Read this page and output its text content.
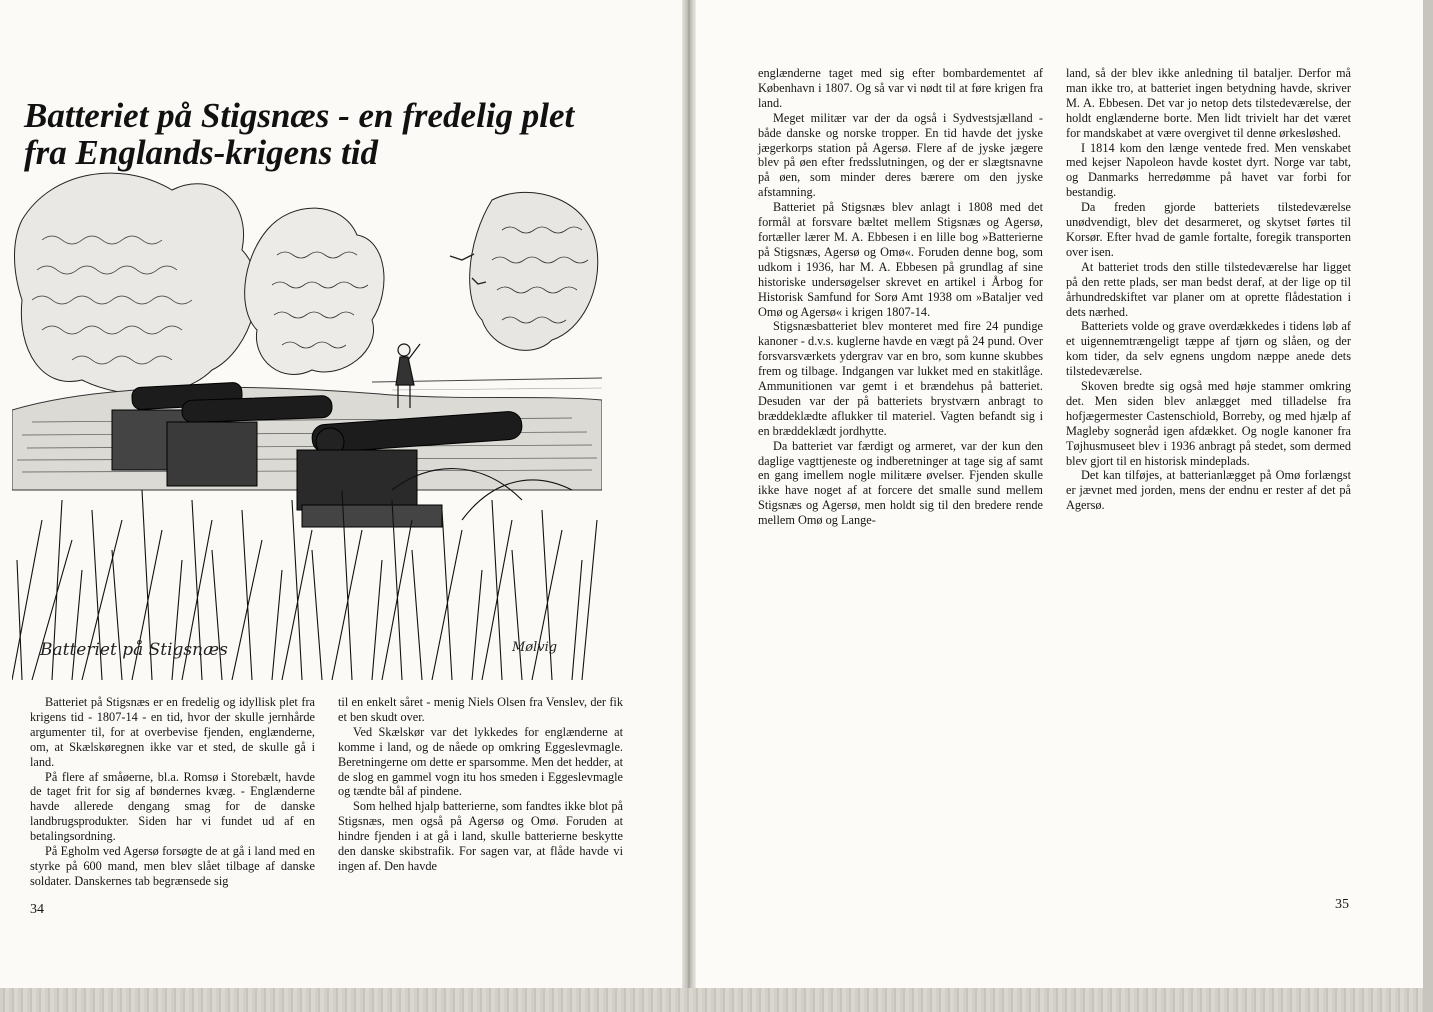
Batteriet på Stigsnæs - en fredelig plet
fra Englands-krigens tid
Batteriet på Stigsnæs	Mølvig

Batteriet på Stigsnæs er en fredelig og idyllisk plet fra krigens tid - 1807-14 - en tid, hvor der skulle jernhårde argumenter til, for at overbevise fjenden, englænderne, om, at Skælskøregnen ikke var et sted, de skulle gå i land.

På flere af småøerne, bl.a. Romsø i Storebælt, havde de taget frit for sig af bøndernes kvæg. - Englænderne havde allerede dengang smag for de danske landbrugsprodukter. Siden har vi fundet ud af en betalingsordning.

På Egholm ved Agersø forsøgte de at gå i land med en styrke på 600 mand, men blev slået tilbage af danske soldater. Danskernes tab begrænsede sig

til en enkelt såret - menig Niels Olsen fra Venslev, der fik et ben skudt over.

Ved Skælskør var det lykkedes for englænderne at komme i land, og de nåede op omkring Eggeslevmagle. Beretningerne om dette er sparsomme. Men det hedder, at de slog en gammel vogn itu hos smeden i Eggeslevmagle og tændte bål af pindene.

Som helhed hjalp batterierne, som fandtes ikke blot på Stigsnæs, men også på Agersø og Omø. Foruden at hindre fjenden i at gå i land, skulle batterierne beskytte den danske skibstrafik. For sagen var, at flåde havde vi ingen af. Den havde

34

englænderne taget med sig efter bombardementet af København i 1807. Og så var vi nødt til at føre krigen fra land.

Meget militær var der da også i Sydvestsjælland - både danske og norske tropper. En tid havde det jyske jægerkorps station på Agersø. Flere af de jyske jægere blev på øen efter fredsslutningen, og der er slægtsnavne på øen, som minder deres bærere om den jyske afstamning.

Batteriet på Stigsnæs blev anlagt i 1808 med det formål at forsvare bæltet mellem Stigsnæs og Agersø, fortæller lærer M. A. Ebbesen i en lille bog »Batterierne på Stigsnæs, Agersø og Omø«. Foruden denne bog, som udkom i 1936, har M. A. Ebbesen på grundlag af sine historiske undersøgelser skrevet en artikel i Årbog for Historisk Samfund for Sorø Amt 1938 om »Bataljer ved Omø og Agersø« i krigen 1807-14.

Stigsnæsbatteriet blev monteret med fire 24 pundige kanoner - d.v.s. kuglerne havde en vægt på 24 pund. Over forsvarsværkets ydergrav var en bro, som kunne skubbes frem og tilbage. Indgangen var lukket med en stakitlåge. Ammunitionen var gemt i et brændehus på batteriet. Desuden var der på batteriets brystværn anbragt to bræddeklædte aflukker til materiel. Vagten befandt sig i en bræddeklædt jordhytte.

Da batteriet var færdigt og armeret, var der kun den daglige vagttjeneste og indberetninger at tage sig af samt en gang imellem nogle militære øvelser. Fjenden skulle ikke have noget af at forcere det smalle sund mellem Stigsnæs og Agersø, men holdt sig til den bredere rende mellem Omø og Lange-

land, så der blev ikke anledning til bataljer. Derfor må man ikke tro, at batteriet ingen betydning havde, skriver M. A. Ebbesen. Det var jo netop dets tilstedeværelse, der holdt englænderne borte. Men lidt trivielt har det været for mandskabet at være overgivet til denne ørkesløshed.

I 1814 kom den længe ventede fred. Men venskabet med kejser Napoleon havde kostet dyrt. Norge var tabt, og Danmarks herredømme på havet var forbi for bestandig.

Da freden gjorde batteriets tilstedeværelse unødvendigt, blev det desarmeret, og skytset førtes til Korsør. Efter hvad de gamle fortalte, foregik transporten over isen.

At batteriet trods den stille tilstedeværelse har ligget på den rette plads, ser man bedst deraf, at der lige op til århundredskiftet var planer om at oprette flådestation i dets nærhed.

Batteriets volde og grave overdækkedes i tidens løb af et uigennemtrængeligt tæppe af tjørn og slåen, og der kom tider, da selv egnens ungdom næppe anede dets tilstedeværelse.

Skoven bredte sig også med høje stammer omkring det. Men siden blev anlægget med tilladelse fra hofjægermester Castenschiold, Borreby, og med hjælp af Magleby sogneråd igen afdækket. Og nogle kanoner fra Tøjhusmuseet blev i 1936 anbragt på stedet, som dermed blev gjort til en historisk mindeplads.

Det kan tilføjes, at batterianlægget på Omø forlængst er jævnet med jorden, mens der endnu er rester af det på Agersø.

35
